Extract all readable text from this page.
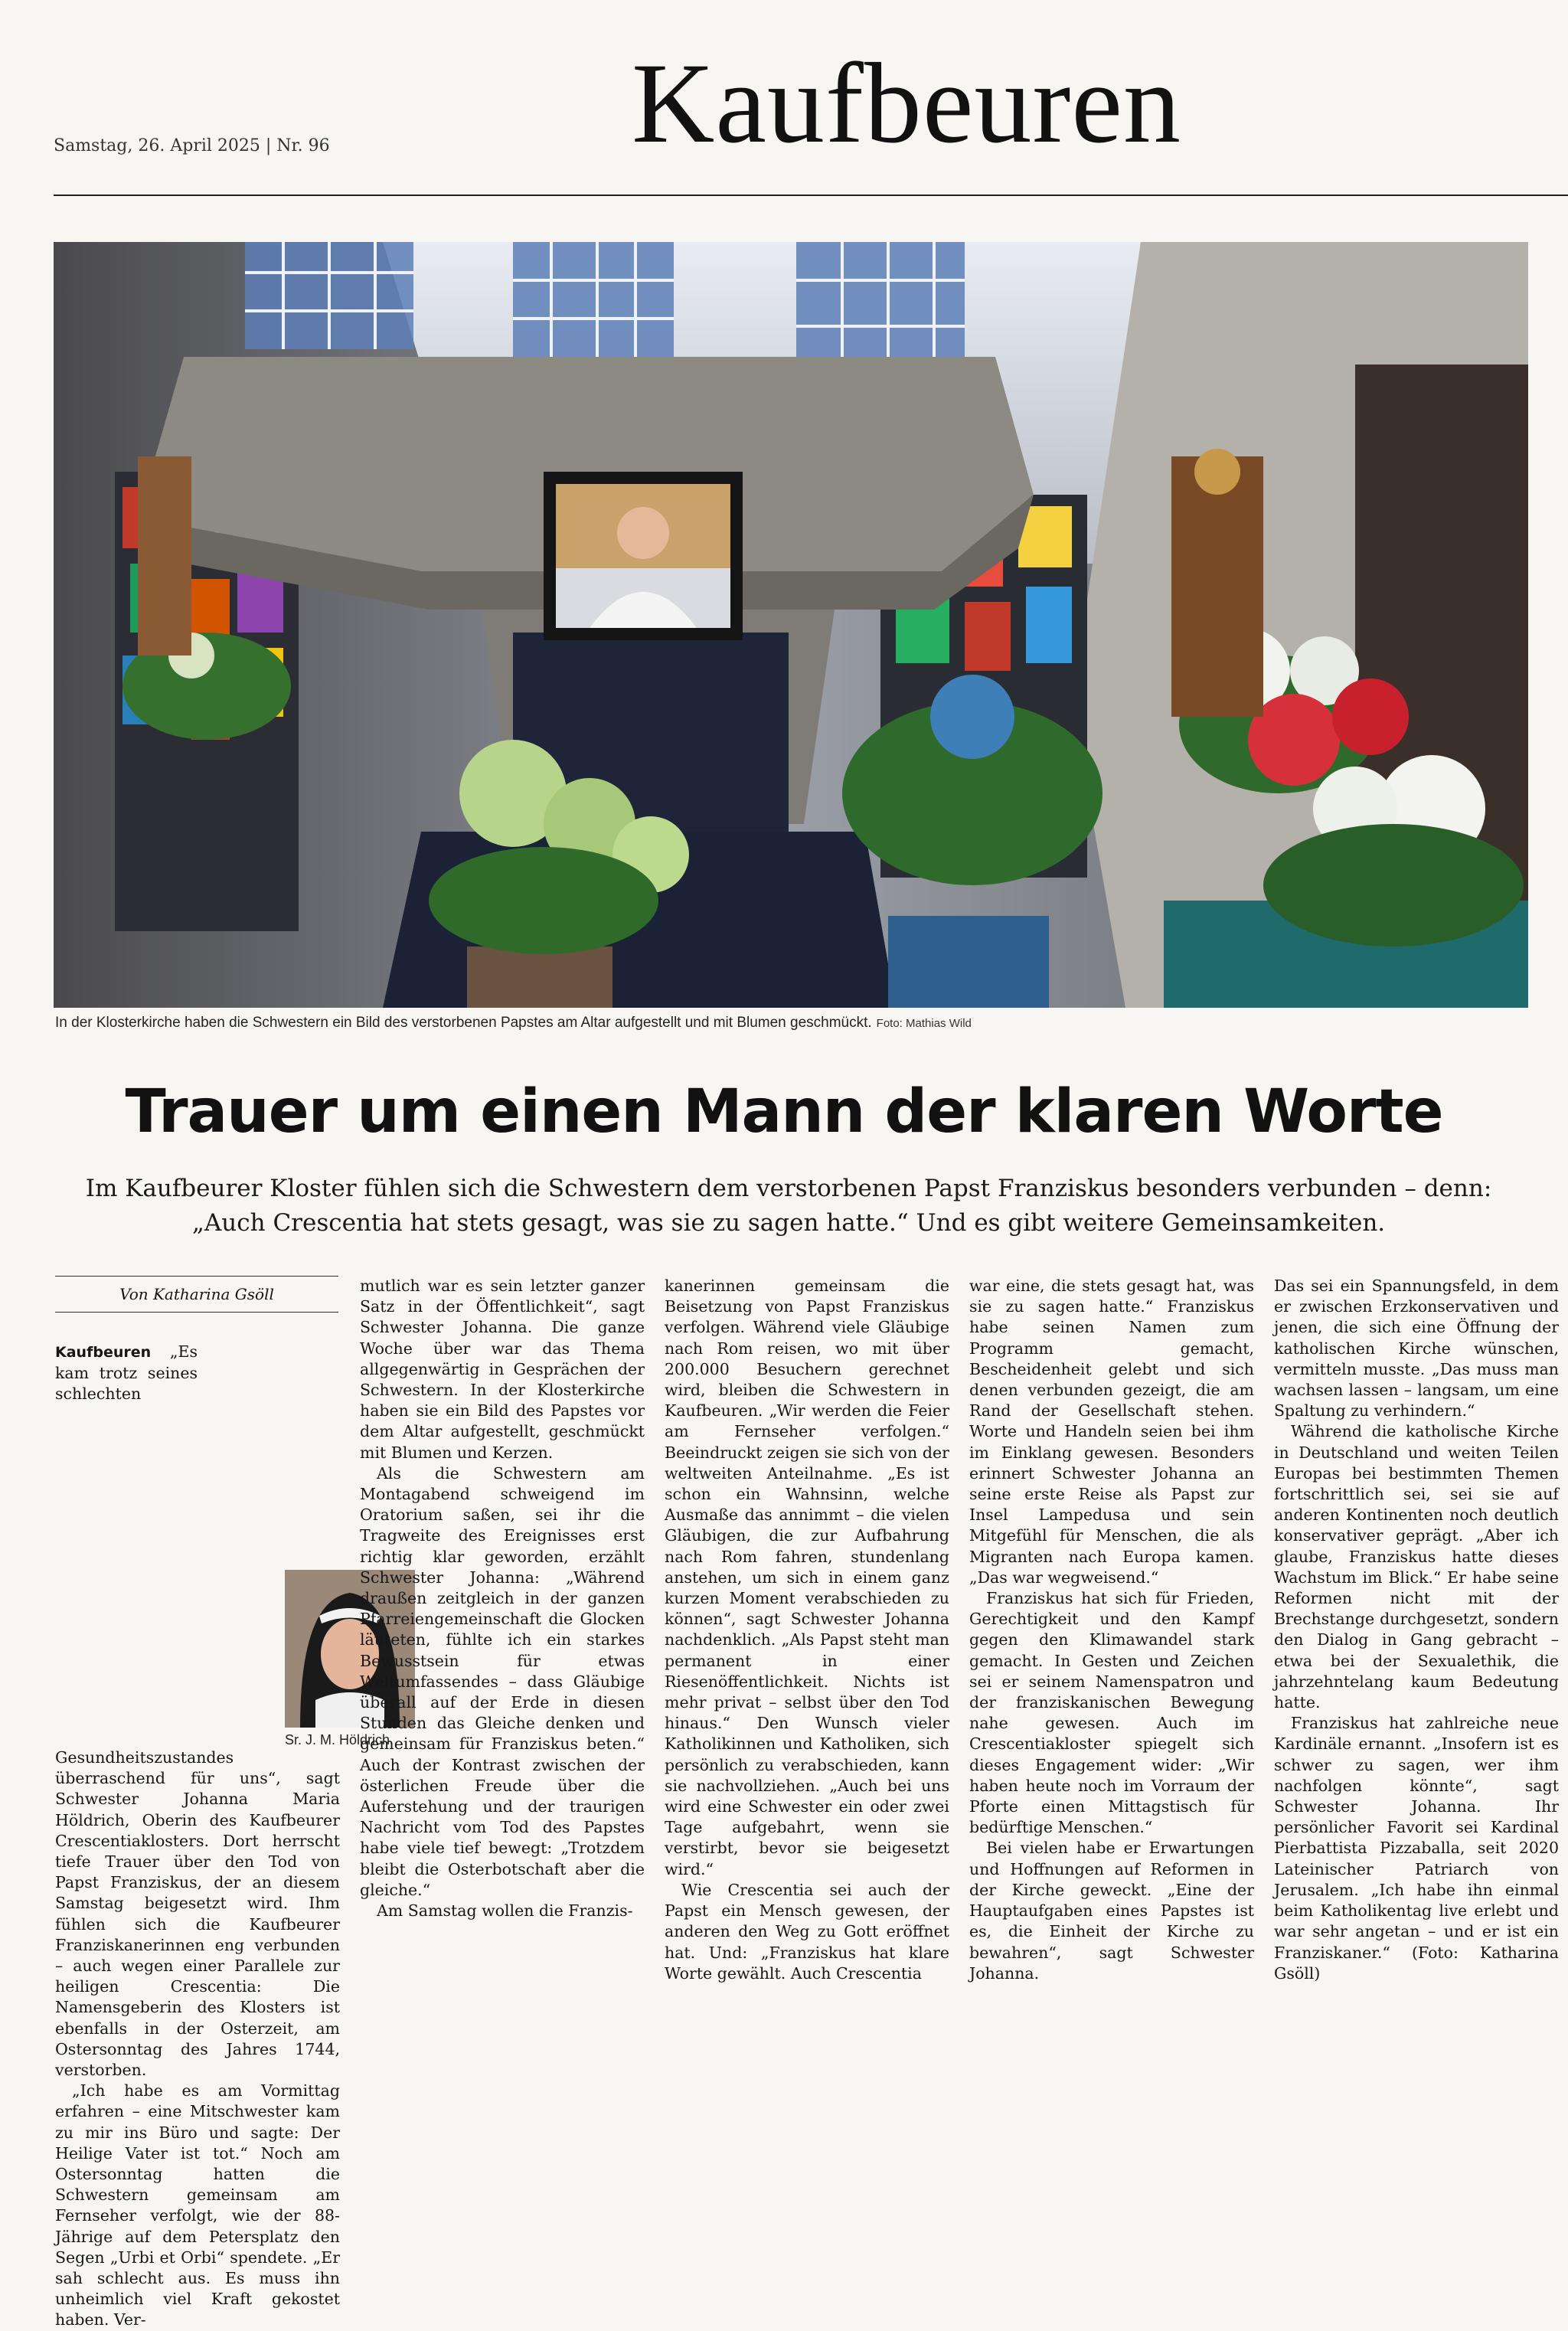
Kaufbeuren
Samstag, 26. April 2025 | Nr. 96
In der Klosterkirche haben die Schwestern ein Bild des verstorbenen Papstes am Altar aufgestellt und mit Blumen geschmückt. Foto: Mathias Wild
Trauer um einen Mann der klaren Worte
Im Kaufbeurer Kloster fühlen sich die Schwestern dem verstorbenen Papst Franziskus besonders verbunden – denn: „Auch Crescentia hat stets gesagt, was sie zu sagen hatte.“ Und es gibt weitere Gemeinsamkeiten.
Von Katharina Gsöll

Kaufbeuren „Es kam trotz seines schlechten Gesundheitszustandes überraschend für uns“, sagt Schwester Johanna Maria Höldrich, Oberin des Kaufbeurer Crescentiaklosters. Dort herrscht tiefe Trauer über den Tod von Papst Franziskus, der an diesem Samstag beigesetzt wird. Ihm fühlen sich die Kaufbeurer Franziskanerinnen eng verbunden – auch wegen einer Parallele zur heiligen Crescentia: Die Namensgeberin des Klosters ist ebenfalls in der Osterzeit, am Ostersonntag des Jahres 1744, verstorben.

„Ich habe es am Vormittag erfahren – eine Mitschwester kam zu mir ins Büro und sagte: Der Heilige Vater ist tot.“ Noch am Ostersonntag hatten die Schwestern gemeinsam am Fernseher verfolgt, wie der 88-Jährige auf dem Petersplatz den Segen „Urbi et Orbi“ spendete. „Er sah schlecht aus. Es muss ihn unheimlich viel Kraft gekostet haben. Ver-

Sr. J. M. Höldrich

mutlich war es sein letzter ganzer Satz in der Öffentlichkeit“, sagt Schwester Johanna. Die ganze Woche über war das Thema allgegenwärtig in Gesprächen der Schwestern. In der Klosterkirche haben sie ein Bild des Papstes vor dem Altar aufgestellt, geschmückt mit Blumen und Kerzen.

Als die Schwestern am Montagabend schweigend im Oratorium saßen, sei ihr die Tragweite des Ereignisses erst richtig klar geworden, erzählt Schwester Johanna: „Während draußen zeitgleich in der ganzen Pfarreiengemeinschaft die Glocken läuteten, fühlte ich ein starkes Bewusstsein für etwas Weltumfassendes – dass Gläubige überall auf der Erde in diesen Stunden das Gleiche denken und gemeinsam für Franziskus beten.“ Auch der Kontrast zwischen der österlichen Freude über die Auferstehung und der traurigen Nachricht vom Tod des Papstes habe viele tief bewegt: „Trotzdem bleibt die Osterbotschaft aber die gleiche.“

Am Samstag wollen die Franzis-

kanerinnen gemeinsam die Beisetzung von Papst Franziskus verfolgen. Während viele Gläubige nach Rom reisen, wo mit über 200.000 Besuchern gerechnet wird, bleiben die Schwestern in Kaufbeuren. „Wir werden die Feier am Fernseher verfolgen.“ Beeindruckt zeigen sie sich von der weltweiten Anteilnahme. „Es ist schon ein Wahnsinn, welche Ausmaße das annimmt – die vielen Gläubigen, die zur Aufbahrung nach Rom fahren, stundenlang anstehen, um sich in einem ganz kurzen Moment verabschieden zu können“, sagt Schwester Johanna nachdenklich. „Als Papst steht man permanent in einer Riesenöffentlichkeit. Nichts ist mehr privat – selbst über den Tod hinaus.“ Den Wunsch vieler Katholikinnen und Katholiken, sich persönlich zu verabschieden, kann sie nachvollziehen. „Auch bei uns wird eine Schwester ein oder zwei Tage aufgebahrt, wenn sie verstirbt, bevor sie beigesetzt wird.“

Wie Crescentia sei auch der Papst ein Mensch gewesen, der anderen den Weg zu Gott eröffnet hat. Und: „Franziskus hat klare Worte gewählt. Auch Crescentia

war eine, die stets gesagt hat, was sie zu sagen hatte.“ Franziskus habe seinen Namen zum Programm gemacht, Bescheidenheit gelebt und sich denen verbunden gezeigt, die am Rand der Gesellschaft stehen. Worte und Handeln seien bei ihm im Einklang gewesen. Besonders erinnert Schwester Johanna an seine erste Reise als Papst zur Insel Lampedusa und sein Mitgefühl für Menschen, die als Migranten nach Europa kamen. „Das war wegweisend.“

Franziskus hat sich für Frieden, Gerechtigkeit und den Kampf gegen den Klimawandel stark gemacht. In Gesten und Zeichen sei er seinem Namenspatron und der franziskanischen Bewegung nahe gewesen. Auch im Crescentiakloster spiegelt sich dieses Engagement wider: „Wir haben heute noch im Vorraum der Pforte einen Mittagstisch für bedürftige Menschen.“

Bei vielen habe er Erwartungen und Hoffnungen auf Reformen in der Kirche geweckt. „Eine der Hauptaufgaben eines Papstes ist es, die Einheit der Kirche zu bewahren“, sagt Schwester Johanna.

Das sei ein Spannungsfeld, in dem er zwischen Erzkonservativen und jenen, die sich eine Öffnung der katholischen Kirche wünschen, vermitteln musste. „Das muss man wachsen lassen – langsam, um eine Spaltung zu verhindern.“

Während die katholische Kirche in Deutschland und weiten Teilen Europas bei bestimmten Themen fortschrittlich sei, sei sie auf anderen Kontinenten noch deutlich konservativer geprägt. „Aber ich glaube, Franziskus hatte dieses Wachstum im Blick.“ Er habe seine Reformen nicht mit der Brechstange durchgesetzt, sondern den Dialog in Gang gebracht – etwa bei der Sexualethik, die jahrzehntelang kaum Bedeutung hatte.

Franziskus hat zahlreiche neue Kardinäle ernannt. „Insofern ist es schwer zu sagen, wer ihm nachfolgen könnte“, sagt Schwester Johanna. Ihr persönlicher Favorit sei Kardinal Pierbattista Pizzaballa, seit 2020 Lateinischer Patriarch von Jerusalem. „Ich habe ihn einmal beim Katholikentag live erlebt und war sehr angetan – und er ist ein Franziskaner.“ (Foto: Katharina Gsöll)
